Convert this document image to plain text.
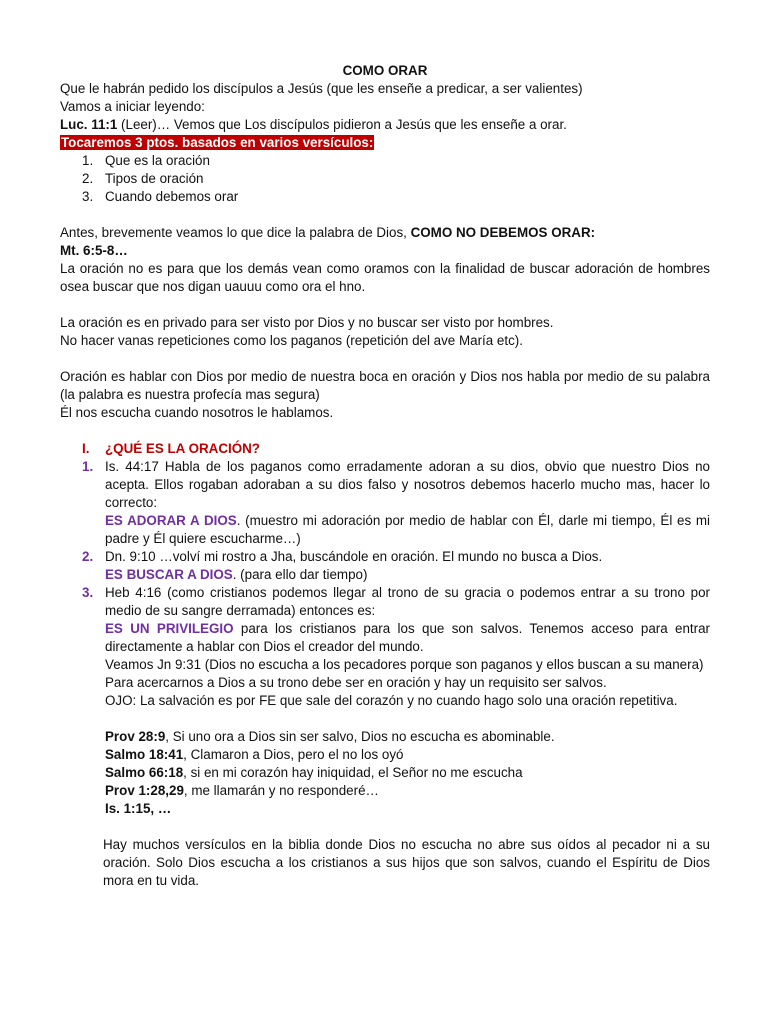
COMO ORAR
Que le habrán pedido los discípulos a Jesús (que les enseñe a predicar, a ser valientes)
Vamos a iniciar leyendo:
Luc. 11:1 (Leer)… Vemos que Los discípulos pidieron a Jesús que les enseñe a orar.
Tocaremos 3 ptos. basados en varios versículos:
1. Que es la oración
2. Tipos de oración
3. Cuando debemos orar
Antes, brevemente veamos lo que dice la palabra de Dios, COMO NO DEBEMOS ORAR:
Mt. 6:5-8…
La oración no es para que los demás vean como oramos con la finalidad de buscar adoración de hombres osea buscar que nos digan uauuu como ora el hno.
La oración es en privado para ser visto por Dios y no buscar ser visto por hombres.
No hacer vanas repeticiones como los paganos (repetición del ave María etc).
Oración es hablar con Dios por medio de nuestra boca en oración y Dios nos habla por medio de su palabra (la palabra es nuestra profecía mas segura)
Él nos escucha cuando nosotros le hablamos.
I.	¿QUÉ ES LA ORACIÓN?
1. Is. 44:17 Habla de los paganos como erradamente adoran a su dios, obvio que nuestro Dios no acepta. Ellos rogaban adoraban a su dios falso y nosotros debemos hacerlo mucho mas, hacer lo correcto:
ES ADORAR A DIOS. (muestro mi adoración por medio de hablar con Él, darle mi tiempo, Él es mi padre y Él quiere escucharme…)
2. Dn. 9:10 …volví mi rostro a Jha, buscándole en oración. El mundo no busca a Dios.
ES BUSCAR A DIOS. (para ello dar tiempo)
3. Heb 4:16 (como cristianos podemos llegar al trono de su gracia o podemos entrar a su trono por medio de su sangre derramada) entonces es:
ES UN PRIVILEGIO para los cristianos para los que son salvos. Tenemos acceso para entrar directamente a hablar con Dios el creador del mundo.
Veamos Jn 9:31 (Dios no escucha a los pecadores porque son paganos y ellos buscan a su manera)
Para acercarnos a Dios a su trono debe ser en oración y hay un requisito ser salvos.
OJO: La salvación es por FE que sale del corazón y no cuando hago solo una oración repetitiva.
Prov 28:9, Si uno ora a Dios sin ser salvo, Dios no escucha es abominable.
Salmo 18:41, Clamaron a Dios, pero el no los oyó
Salmo 66:18, si en mi corazón hay iniquidad, el Señor no me escucha
Prov 1:28,29, me llamarán y no responderé…
Is. 1:15, …
Hay muchos versículos en la biblia donde Dios no escucha no abre sus oídos al pecador ni a su oración. Solo Dios escucha a los cristianos a sus hijos que son salvos, cuando el Espíritu de Dios mora en tu vida.
